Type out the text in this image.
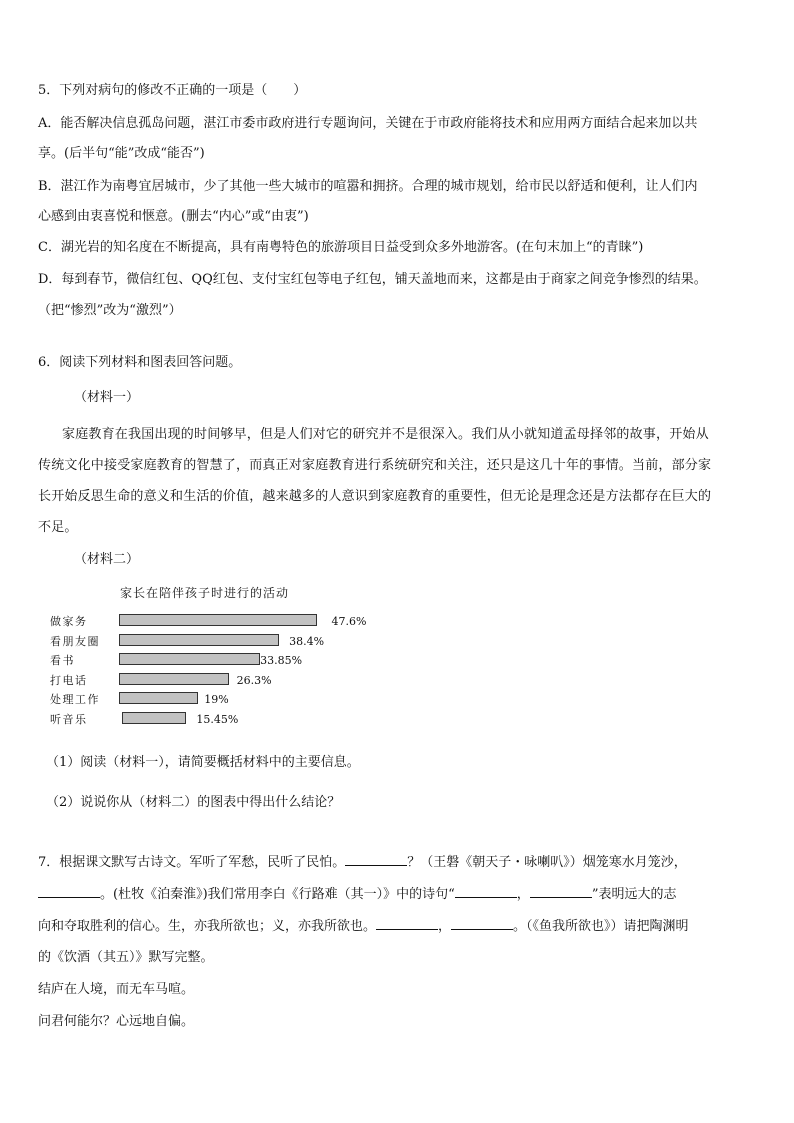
5．下列对病句的修改不正确的一项是（　　）
A．能否解决信息孤岛问题，湛江市委市政府进行专题询问，关键在于市政府能将技术和应用两方面结合起来加以共
享。(后半句“能”改成“能否”)
B．湛江作为南粤宜居城市，少了其他一些大城市的喧嚣和拥挤。合理的城市规划，给市民以舒适和便利，让人们内
心感到由衷喜悦和惬意。(删去“内心”或“由衷”)
C．湖光岩的知名度在不断提高，具有南粤特色的旅游项目日益受到众多外地游客。(在句末加上“的青睐”)
D．每到春节，微信红包、QQ红包、支付宝红包等电子红包，铺天盖地而来，这都是由于商家之间竞争惨烈的结果。
（把“惨烈”改为“激烈”）
6．阅读下列材料和图表回答问题。
（材料一）
家庭教育在我国出现的时间够早，但是人们对它的研究并不是很深入。我们从小就知道孟母择邻的故事，开始从
传统文化中接受家庭教育的智慧了，而真正对家庭教育进行系统研究和关注，还只是这几十年的事情。当前，部分家
长开始反思生命的意义和生活的价值，越来越多的人意识到家庭教育的重要性，但无论是理念还是方法都存在巨大的
不足。
（材料二）
家长在陪伴孩子时进行的活动
做家务	47.6%
看朋友圈	38.4%
看书	33.85%
打电话	26.3%
处理工作	19%
听音乐	15.45%
（1）阅读（材料一），请简要概括材料中的主要信息。
（2）说说你从（材料二）的图表中得出什么结论？
7．根据课文默写古诗文。军听了军愁，民听了民怕。	？（王磐《朝天子・咏喇叭》）烟笼寒水月笼沙，
。(杜牧《泊秦淮》)我们常用李白《行路难（其一）》中的诗句“	，	”表明远大的志
向和夺取胜利的信心。生，亦我所欲也；义，亦我所欲也。	，	。（《鱼我所欲也》）请把陶渊明
的《饮酒（其五）》默写完整。
结庐在人境，而无车马喧。
问君何能尔？心远地自偏。
